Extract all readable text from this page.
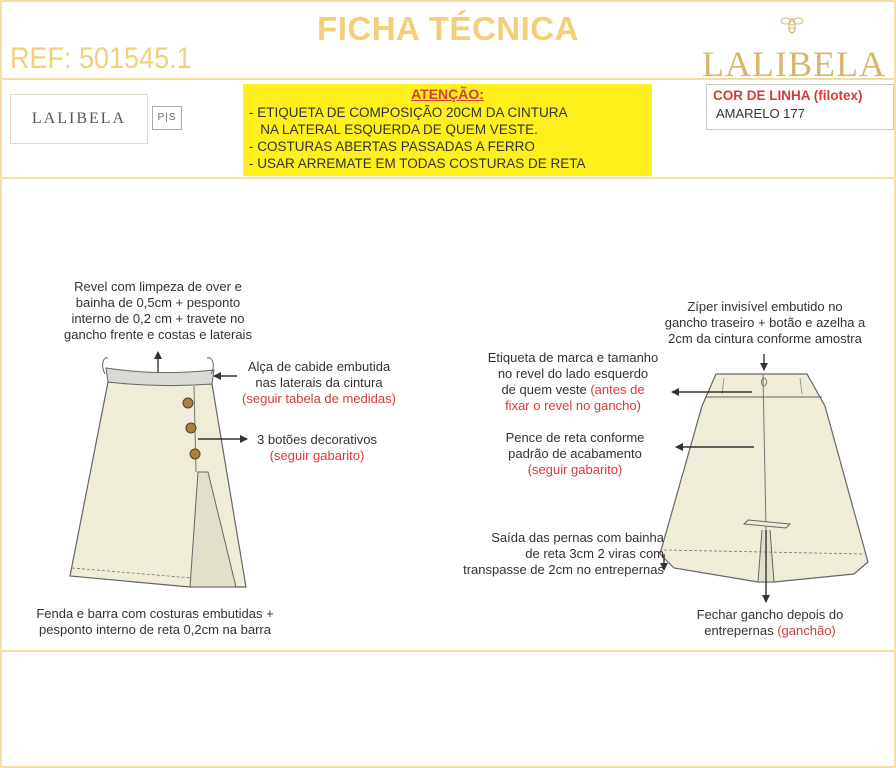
FICHA TÉCNICA
REF: 501545.1	LALIBELA
LALIBELA	P|S
ATENÇÃO:
- ETIQUETA DE COMPOSIÇÃO 20CM DA CINTURA
NA LATERAL ESQUERDA DE QUEM VESTE.
- COSTURAS ABERTAS PASSADAS A FERRO
- USAR ARREMATE EM TODAS COSTURAS DE RETA
COR DE LINHA (filotex)
AMARELO 177
Revel com limpeza de over e
bainha de 0,5cm + pesponto
interno de 0,2 cm + travete no
gancho frente e costas e laterais
Alça de cabide embutida
nas laterais da cintura
(seguir tabela de medidas)
3 botões decorativos
(seguir gabarito)
Fenda e barra com costuras embutidas +
pesponto interno de reta 0,2cm na barra
Zíper invisível embutido no
gancho traseiro + botão e azelha a
2cm da cintura conforme amostra
Etiqueta de marca e tamanho
no revel do lado esquerdo
de quem veste (antes de
fixar o revel no gancho)
Pence de reta conforme
padrão de acabamento
(seguir gabarito)
Saída das pernas com bainha
de reta 3cm 2 viras com
transpasse de 2cm no entrepernas
Fechar gancho depois do
entrepernas (ganchão)
